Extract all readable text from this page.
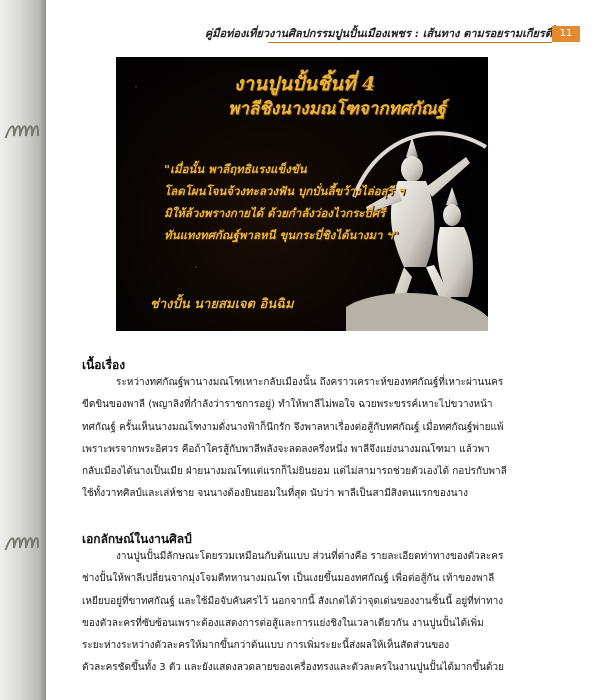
คู่มือท่องเที่ยวงานศิลปกรรมปูนปั้นเมืองเพชร : เส้นทาง ตามรอยรามเกียรติ์ 11
งานปูนปั้นชิ้นที่ 4
พาลีชิงนางมณโฑจากทศกัณฐ์
"เมื่อนั้น พาลีฤทธิแรงแข็งขัน
โลดโผนโจนจ้วงทะลวงฟัน บุกบั่นลี้ขว้างไล่อสุรี ฯ
มิให้ล้วงพรางกายได้ ด้วยกำลังว่องไวกระบี่ศรี
ทันแทงทศกัณฐ์พาลหนี ขุนกระบี่ชิงได้นางมา ฯ"
ช่างปั้น นายสมเจต อินฉิม
เนื้อเรื่อง
ระหว่างทศกัณฐ์พานางมณโฑเหาะกลับเมืองนั้น ถึงคราวเคราะห์ของทศกัณฐ์ที่เหาะผ่านนคร
ขีดขินของพาลี (พญาลิงที่กำลังว่าราชการอยู่) ทำให้พาลีไม่พอใจ ฉวยพระขรรค์เหาะไปขวางหน้า
ทศกัณฐ์ ครั้นเห็นนางมณโฑงามดั่งนางฟ้าก็นึกรัก จึงพาลหาเรื่องต่อสู้กับทศกัณฐ์ เมื่อทศกัณฐ์พ่ายแพ้
เพราะพรจากพระอิศวร คือถ้าใครสู้กับพาลีพลังจะลดลงครึ่งหนึ่ง พาลีจึงแย่งนางมณโฑมา แล้วพา
กลับเมืองได้นางเป็นเมีย ฝ่ายนางมณโฑแต่แรกก็ไม่ยินยอม แต่ไม่สามารถช่วยตัวเองได้ กอปรกับพาลี
ใช้ทั้งวาทศิลป์และเล่ห์ชาย จนนางต้องยินยอมในที่สุด นับว่า พาลีเป็นสามีสิงตนแรกของนาง
เอกลักษณ์ในงานศิลป์
งานปูนปั้นมีลักษณะโดยรวมเหมือนกับต้นแบบ ส่วนที่ต่างคือ รายละเอียดท่าทางของตัวละคร
ช่างปั้นให้พาลีเปลี่ยนจากมุ่งโจมตีทหานางมณโฑ เป็นเงยขึ้นมองทศกัณฐ์ เพื่อต่อสู้กัน เท้าของพาลี
เหยียบอยู่ที่ขาทศกัณฐ์ และใช้มือจับคันศรไว้ นอกจากนี้ สังเกตได้ว่าจุดเด่นของงานชิ้นนี้ อยู่ที่ท่าทาง
ของตัวละครที่ซับซ้อนเพราะต้องแสดงการต่อสู้และการแย่งชิงในเวลาเดียวกัน งานปูนปั้นได้เพิ่ม
ระยะห่างระหว่างตัวละครให้มากขึ้นกว่าต้นแบบ การเพิ่มระยะนี้ส่งผลให้เห็นสัดส่วนของ
ตัวละครชัดขึ้นทั้ง 3 ตัว และยังแสดงลวดลายของเครื่องทรงและตัวละครในงานปูนปั้นได้มากขึ้นด้วย
